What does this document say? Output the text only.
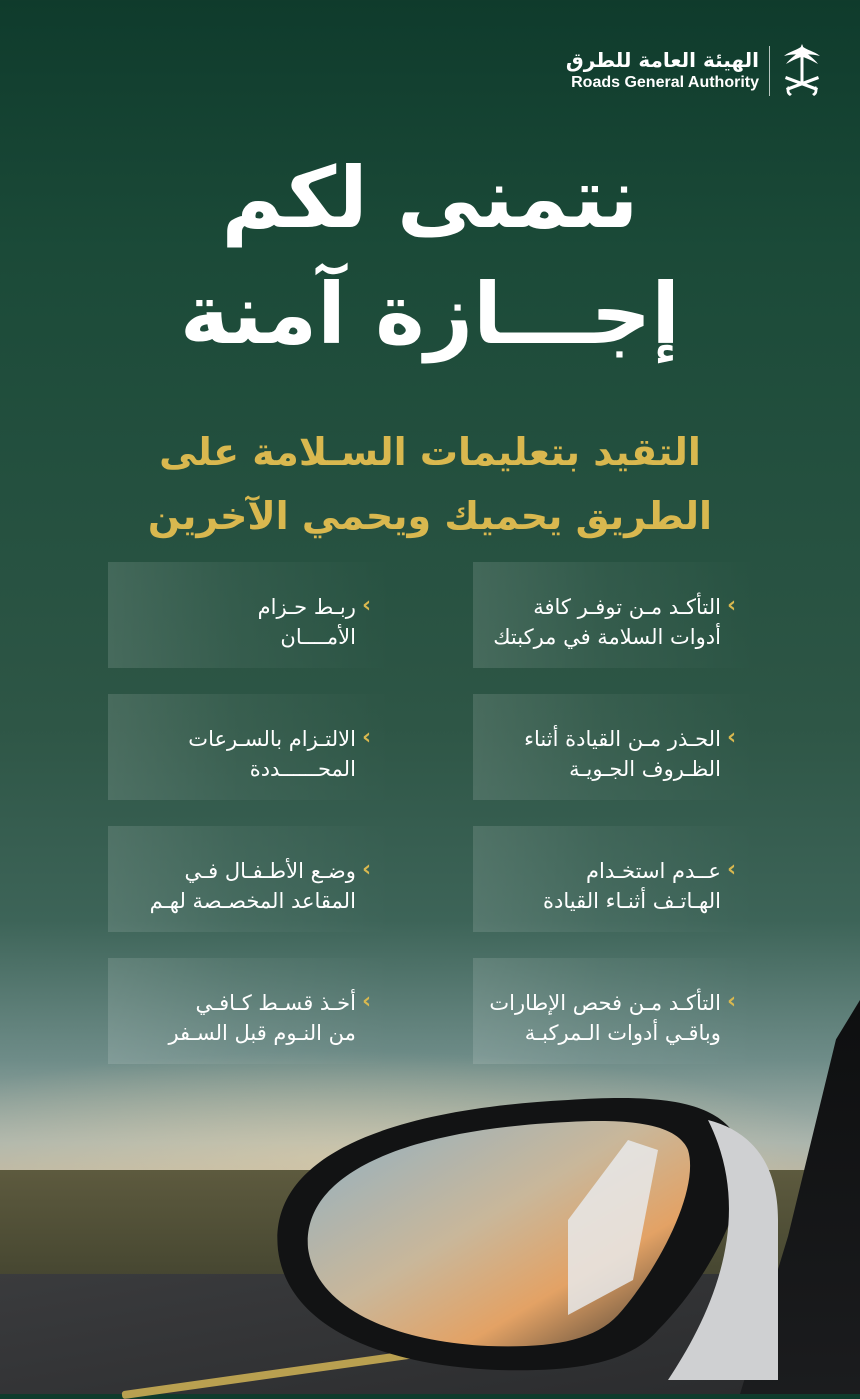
الهيئة العامة للطرق
Roads General Authority
نتمنى لكم
إجـــازة آمنة
التقيد بتعليمات السـلامة على
الطريق يحميك ويحمي الآخرين
‹
التأكـد مـن توفـر كافة
أدوات السلامة في مركبتك
‹
ربـط حـزام
الأمــــان
‹
الحـذر مـن القيادة أثناء
الظـروف الجـويـة
‹
الالتـزام بالسـرعات
المحــــــددة
‹
عــدم استخـدام
الهـاتـف أثنـاء القيادة
‹
وضـع الأطـفـال فـي
المقاعد المخصـصة لهـم
‹
التأكـد مـن فحص الإطارات
وباقـي أدوات الـمركبـة
‹
أخـذ قسـط كـافـي
من النـوم قبل السـفر
